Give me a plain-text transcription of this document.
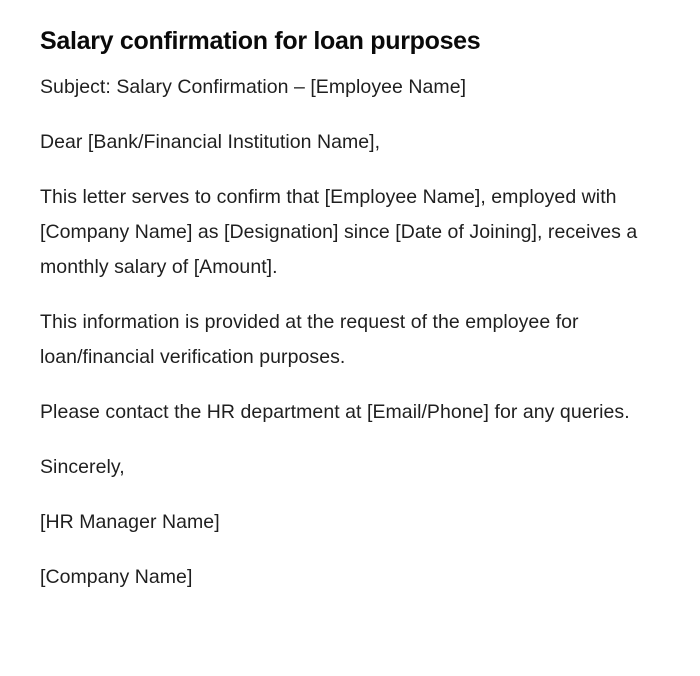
Salary confirmation for loan purposes

Subject: Salary Confirmation – [Employee Name]

Dear [Bank/Financial Institution Name],

This letter serves to confirm that [Employee Name], employed with [Company Name] as [Designation] since [Date of Joining], receives a monthly salary of [Amount].

This information is provided at the request of the employee for loan/financial verification purposes.

Please contact the HR department at [Email/Phone] for any queries.

Sincerely,

[HR Manager Name]

[Company Name]
